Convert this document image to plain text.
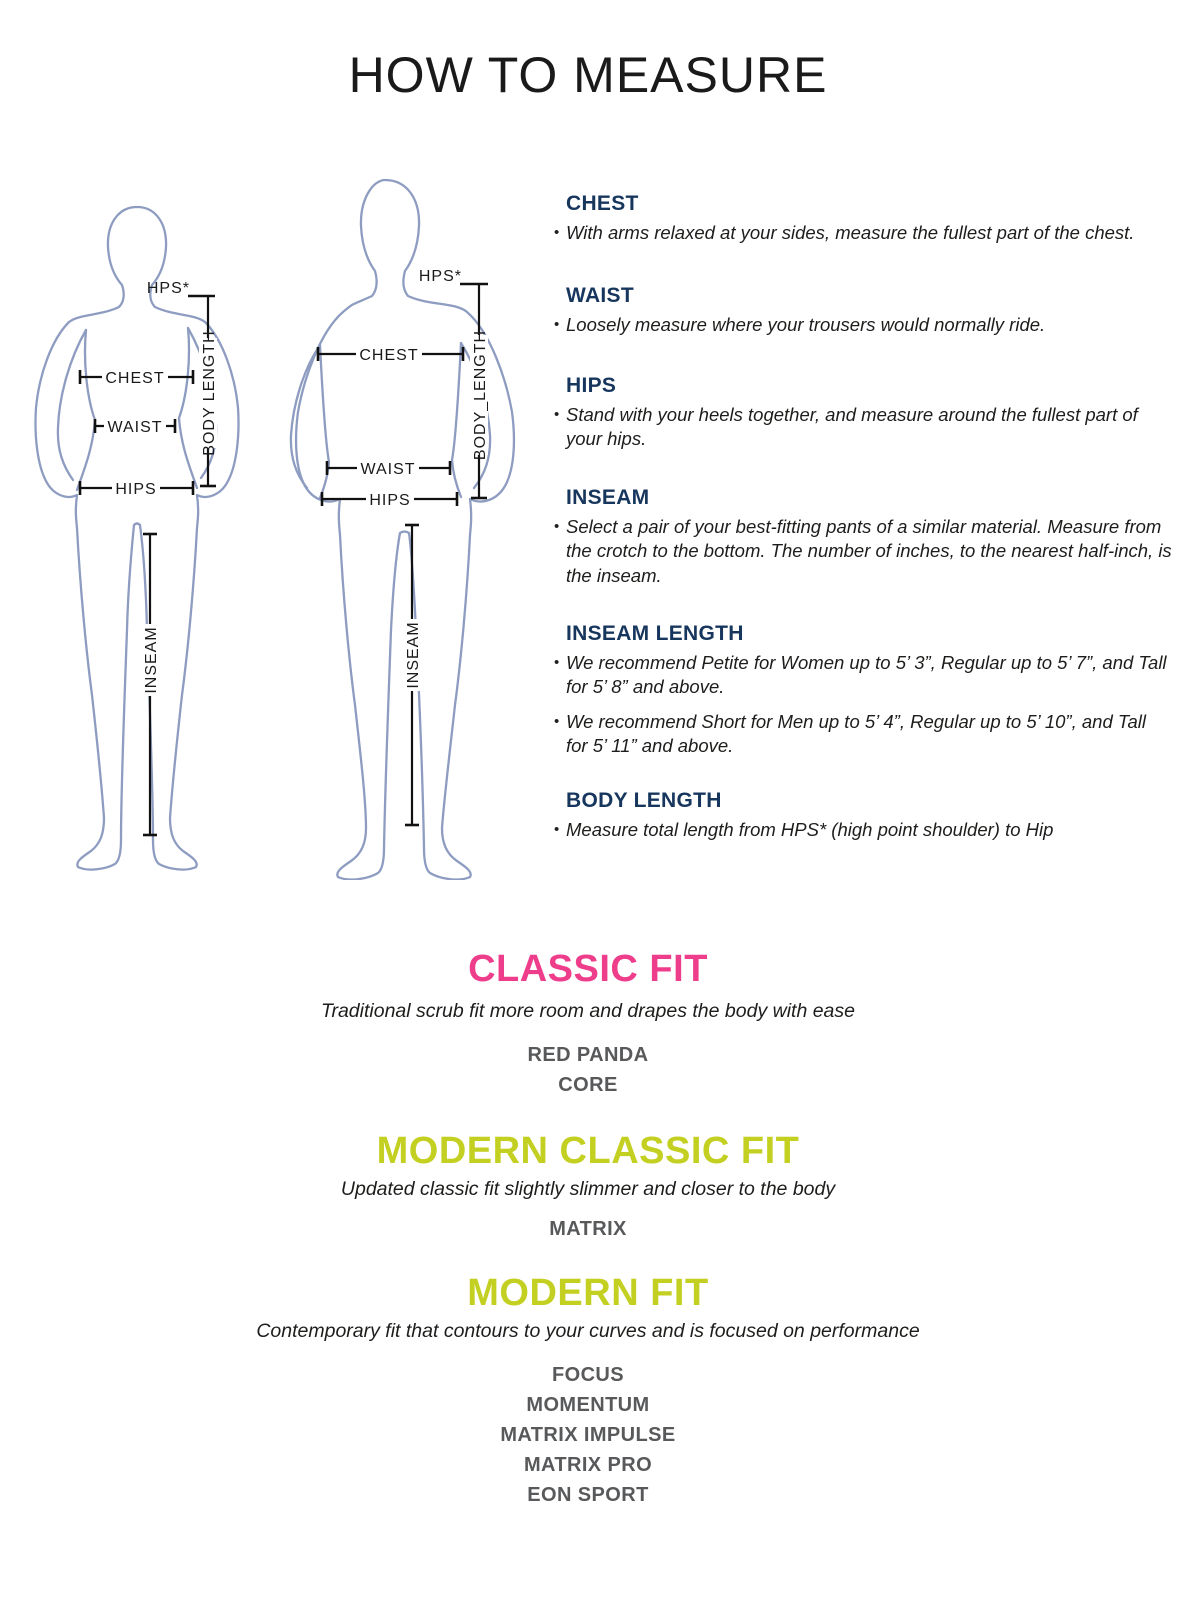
HOW TO MEASURE
CHEST
WAIST
HIPS
HPS*
BODY LENGTH
INSEAM
CHEST
WAIST
HIPS
HPS*
BODY_LENGTH
INSEAM
CHEST
• With arms relaxed at your sides, measure the fullest part of the chest.

WAIST
• Loosely measure where your trousers would normally ride.

HIPS
• Stand with your heels together, and measure around the fullest part of your hips.

INSEAM
• Select a pair of your best-fitting pants of a similar material. Measure from the crotch to the bottom. The number of inches, to the nearest half-inch, is the inseam.

INSEAM LENGTH
• We recommend Petite for Women up to 5’ 3”, Regular up to 5’ 7”, and Tall for 5’ 8” and above.

• We recommend Short for Men up to 5’ 4”, Regular up to 5’ 10”, and Tall for 5’ 11” and above.

BODY LENGTH
• Measure total length from HPS* (high point shoulder) to Hip

CLASSIC FIT
Traditional scrub fit more room and drapes the body with ease
RED PANDA
CORE
MODERN CLASSIC FIT
Updated classic fit slightly slimmer and closer to the body
MATRIX
MODERN FIT
Contemporary fit that contours to your curves and is focused on performance
FOCUS
MOMENTUM
MATRIX IMPULSE
MATRIX PRO
EON SPORT
